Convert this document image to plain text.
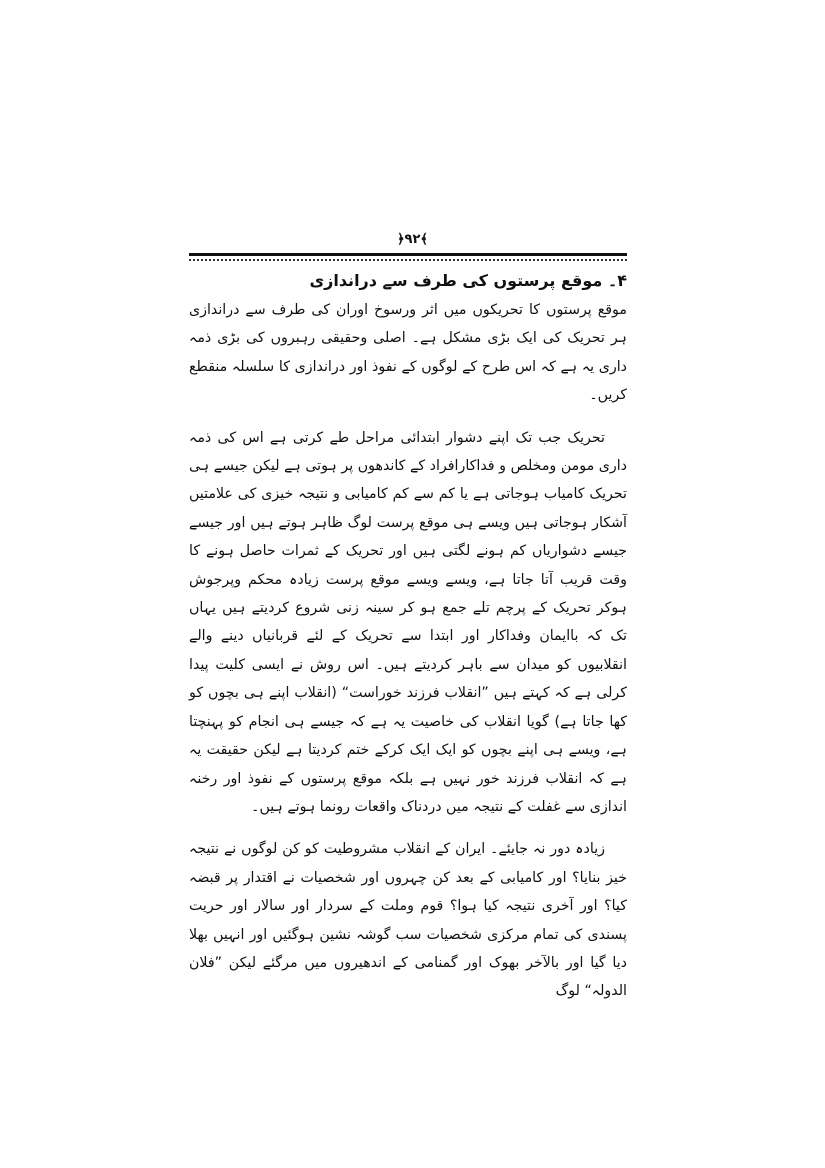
﴿۹۲﴾

۴۔ موقع پرستوں کی طرف سے دراندازی

موقع پرستوں کا تحریکوں میں اثر ورسوخ اوران کی طرف سے دراندازی ہر تحریک کی ایک بڑی مشکل ہے۔ اصلی وحقیقی رہبروں کی بڑی ذمہ داری یہ ہے کہ اس طرح کے لوگوں کے نفوذ اور دراندازی کا سلسلہ منقطع کریں۔

تحریک جب تک اپنے دشوار ابتدائی مراحل طے کرتی ہے اس کی ذمہ داری مومن ومخلص و فداکارافراد کے کاندھوں پر ہوتی ہے لیکن جیسے ہی تحریک کامیاب ہوجاتی ہے یا کم سے کم کامیابی و نتیجہ خیزی کی علامتیں آشکار ہوجاتی ہیں ویسے ہی موقع پرست لوگ ظاہر ہوتے ہیں اور جیسے جیسے دشواریاں کم ہونے لگتی ہیں اور تحریک کے ثمرات حاصل ہونے کا وقت قریب آتا جاتا ہے، ویسے ویسے موقع پرست زیادہ محکم وپرجوش ہوکر تحریک کے پرچم تلے جمع ہو کر سینہ زنی شروع کردیتے ہیں یہاں تک کہ باایمان وفداکار اور ابتدا سے تحریک کے لئے قربانیاں دینے والے انقلابیوں کو میدان سے باہر کردیتے ہیں۔ اس روش نے ایسی کلیت پیدا کرلی ہے کہ کہتے ہیں ”انقلاب فرزند خوراست“ (انقلاب اپنے ہی بچوں کو کھا جاتا ہے) گویا انقلاب کی خاصیت یہ ہے کہ جیسے ہی انجام کو پہنچتا ہے، ویسے ہی اپنے بچوں کو ایک ایک کرکے ختم کردیتا ہے لیکن حقیقت یہ ہے کہ انقلاب فرزند خور نہیں ہے بلکہ موقع پرستوں کے نفوذ اور رخنہ اندازی سے غفلت کے نتیجہ میں دردناک واقعات رونما ہوتے ہیں۔

زیادہ دور نہ جایئے۔ ایران کے انقلاب مشروطیت کو کن لوگوں نے نتیجہ خیز بنایا؟ اور کامیابی کے بعد کن چہروں اور شخصیات نے اقتدار پر قبضہ کیا؟ اور آخری نتیجہ کیا ہوا؟ قوم وملت کے سردار اور سالار اور حریت پسندی کی تمام مرکزی شخصیات سب گوشہ نشین ہوگئیں اور انہیں بھلا دیا گیا اور بالآخر بھوک اور گمنامی کے اندھیروں میں مرگئے لیکن ”فلان الدولہ“ لوگ
